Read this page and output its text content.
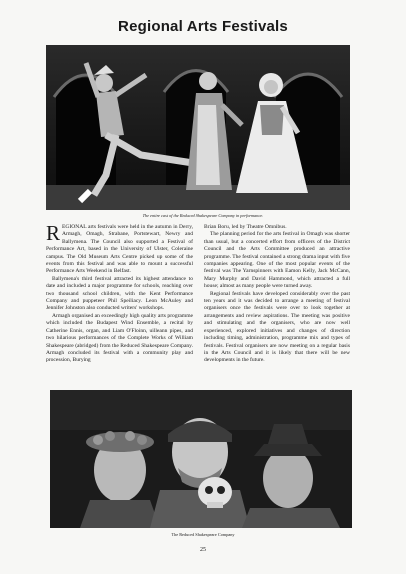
Regional Arts Festivals
The entire cast of the Reduced Shakespeare Company in performance.

REGIONAL arts festivals were held in the autumn in Derry, Armagh, Omagh, Strabane, Portstewart, Newry and Ballymena. The Council also supported a Festival of Performance Art, based in the University of Ulster, Coleraine campus. The Old Museum Arts Centre picked up some of the events from this festival and was able to mount a successful Performance Arts Weekend in Belfast.

Ballymena's third festival attracted its highest attendance to date and included a major programme for schools, reaching over two thousand school children, with the Kent Performance Company and puppeteer Phil Speiliacy. Leon McAuley and Jennifer Johnston also conducted writers' workshops.

Armagh organised an exceedingly high quality arts programme which included the Budapest Wind Ensemble, a recital by Catherine Ennis, organ, and Liam O'Floinn, uilleann pipes, and two hilarious performances of the Complete Works of William Shakespeare (abridged) from the Reduced Shakespeare Company. Armagh concluded its festival with a community play and procession, Burying

Brian Boru, led by Theatre Omnibus.

The planning period for the arts festival in Omagh was shorter than usual, but a concerted effort from officers of the District Council and the Arts Committee produced an attractive programme. The festival contained a strong drama input with five companies appearing. One of the most popular events of the festival was The Yarnspinners with Eamon Kelly, Jack McCann, Mary Murphy and David Hammond, which attracted a full house; almost as many people were turned away.

Regional festivals have developed considerably over the past ten years and it was decided to arrange a meeting of festival organisers once the festivals were over to look together at arrangements and review aspirations. The meeting was positive and stimulating and the organisers, who are now well experienced, explored initiatives and changes of direction including timing, administration, programme mix and types of festivals. Festival organisers are now meeting on a regular basis in the Arts Council and it is likely that there will be new developments in the future.

The Reduced Shakespeare Company
25
